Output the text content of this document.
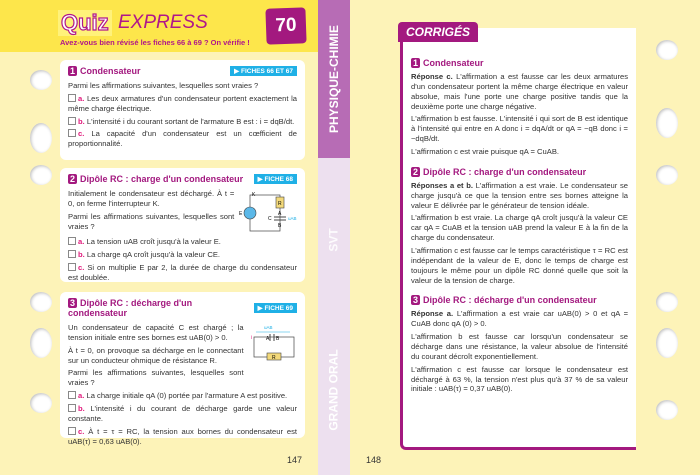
Quiz EXPRESS
Avez-vous bien révisé les fiches 66 à 69 ? On vérifie !
70
1 Condensateur	▶ FICHES 66 ET 67

Parmi les affirmations suivantes, lesquelles sont vraies ?

a. Les deux armatures d'un condensateur portent exactement la même charge électrique.

b. L'intensité i du courant sortant de l'armature B est : i = dqB/dt.

c. La capacité d'un condensateur est un cœfficient de proportionnalité.

2 Dipôle RC : charge d'un condensateur	▶ FICHE 68

Initialement le condensateur est déchargé. À t = 0, on ferme l'interrupteur K.

Parmi les affirmations suivantes, lesquelles sont vraies ?

R
K
E
C
A
B
uAB

a. La tension uAB croît jusqu'à la valeur E.

b. La charge qA croît jusqu'à la valeur CE.

c. Si on multiplie E par 2, la durée de charge du condensateur est doublée.

3 Dipôle RC : décharge d'un condensateur	▶ FICHE 69

Un condensateur de capacité C est chargé ; la tension initiale entre ses bornes est uAB(0) > 0.

À t = 0, on provoque sa décharge en le connectant sur un conducteur ohmique de résistance R.

Parmi les affirmations suivantes, lesquelles sont vraies ?

uAB
A B
R
i

a. La charge initiale qA (0) portée par l'armature A est positive.

b. L'intensité i du courant de décharge garde une valeur constante.

c. À t = τ = RC, la tension aux bornes du condensateur est uAB(τ) = 0,63 uAB(0).

147
PHYSIQUE-CHIMIE
SVT
GRAND ORAL
148
1 Condensateur

Réponse c. L'affirmation a est fausse car les deux armatures d'un condensateur portent la même charge électrique en valeur absolue, mais l'une porte une charge positive tandis que la deuxième porte une charge négative.

L'affirmation b est fausse. L'intensité i qui sort de B est identique à l'intensité qui entre en A donc i = dqA/dt or qA = −qB donc i = −dqB/dt.

L'affirmation c est vraie puisque qA = CuAB.

2 Dipôle RC : charge d'un condensateur

Réponses a et b. L'affirmation a est vraie. Le condensateur se charge jusqu'à ce que la tension entre ses bornes atteigne la valeur E délivrée par le générateur de tension idéale.

L'affirmation b est vraie. La charge qA croît jusqu'à la valeur CE car qA = CuAB et la tension uAB prend la valeur E à la fin de la charge du condensateur.

L'affirmation c est fausse car le temps caractéristique τ = RC est indépendant de la valeur de E, donc le temps de charge est toujours le même pour un dipôle RC donné quelle que soit la valeur de la tension de charge.

3 Dipôle RC : décharge d'un condensateur

Réponse a. L'affirmation a est vraie car uAB(0) > 0 et qA = CuAB donc qA (0) > 0.

L'affirmation b est fausse car lorsqu'un condensateur se décharge dans une résistance, la valeur absolue de l'intensité du courant décroît exponentiellement.

L'affirmation c est fausse car lorsque le condensateur est déchargé à 63 %, la tension n'est plus qu'à 37 % de sa valeur initiale : uAB(τ) = 0,37 uAB(0).

CORRIGÉS
